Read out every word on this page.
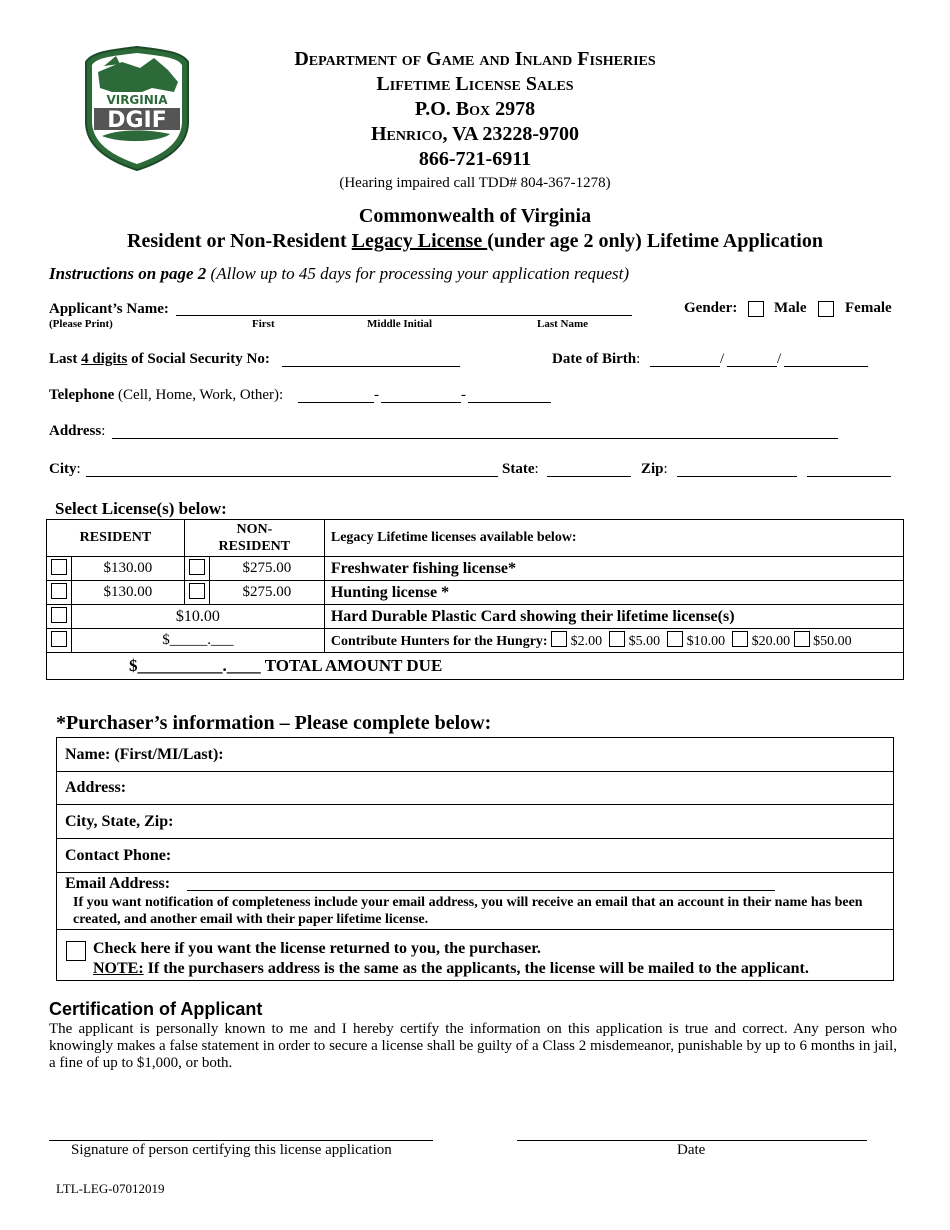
VIRGINIA
DGIF
Department of Game and Inland Fisheries
Lifetime License Sales
P.O. Box 2978
Henrico, VA 23228-9700
866-721-6911
(Hearing impaired call TDD# 804-367-1278)
Commonwealth of Virginia
Resident or Non-Resident Legacy License (under age 2 only) Lifetime Application
Instructions on page 2 (Allow up to 45 days for processing your application request)
Applicant’s Name:
(Please Print)	First	Middle Initial	Last Name
Gender: Male	Female
Last 4 digits of Social Security No:	Date of Birth:	/	/
Telephone (Cell, Home, Work, Other):	-	-
Address:
City:	State:	Zip:
Select License(s) below:
RESIDENT		NON-
RESIDENT		Legacy Lifetime licenses available below:
	$130.00		$275.00	Freshwater fishing license*
	$130.00		$275.00	Hunting license *
	$10.00			Hard Durable Plastic Card showing their lifetime license(s)
	$_____.___			Contribute Hunters for the Hungry: $2.00 $5.00 $10.00 $20.00 $50.00
$__________.____ TOTAL AMOUNT DUE				
*Purchaser’s information – Please complete below:
Name: (First/MI/Last):
Address:
City, State, Zip:
Contact Phone:
Email Address:
If you want notification of completeness include your email address, you will receive an email that an account in their name has been created, and another email with their paper lifetime license.
Check here if you want the license returned to you, the purchaser.
NOTE: If the purchasers address is the same as the applicants, the license will be mailed to the applicant.
Certification of Applicant
The applicant is personally known to me and I hereby certify the information on this application is true and correct. Any person who knowingly makes a false statement in order to secure a license shall be guilty of a Class 2 misdemeanor, punishable by up to 6 months in jail, a fine of up to $1,000, or both.
Signature of person certifying this license application	Date
LTL-LEG-07012019
